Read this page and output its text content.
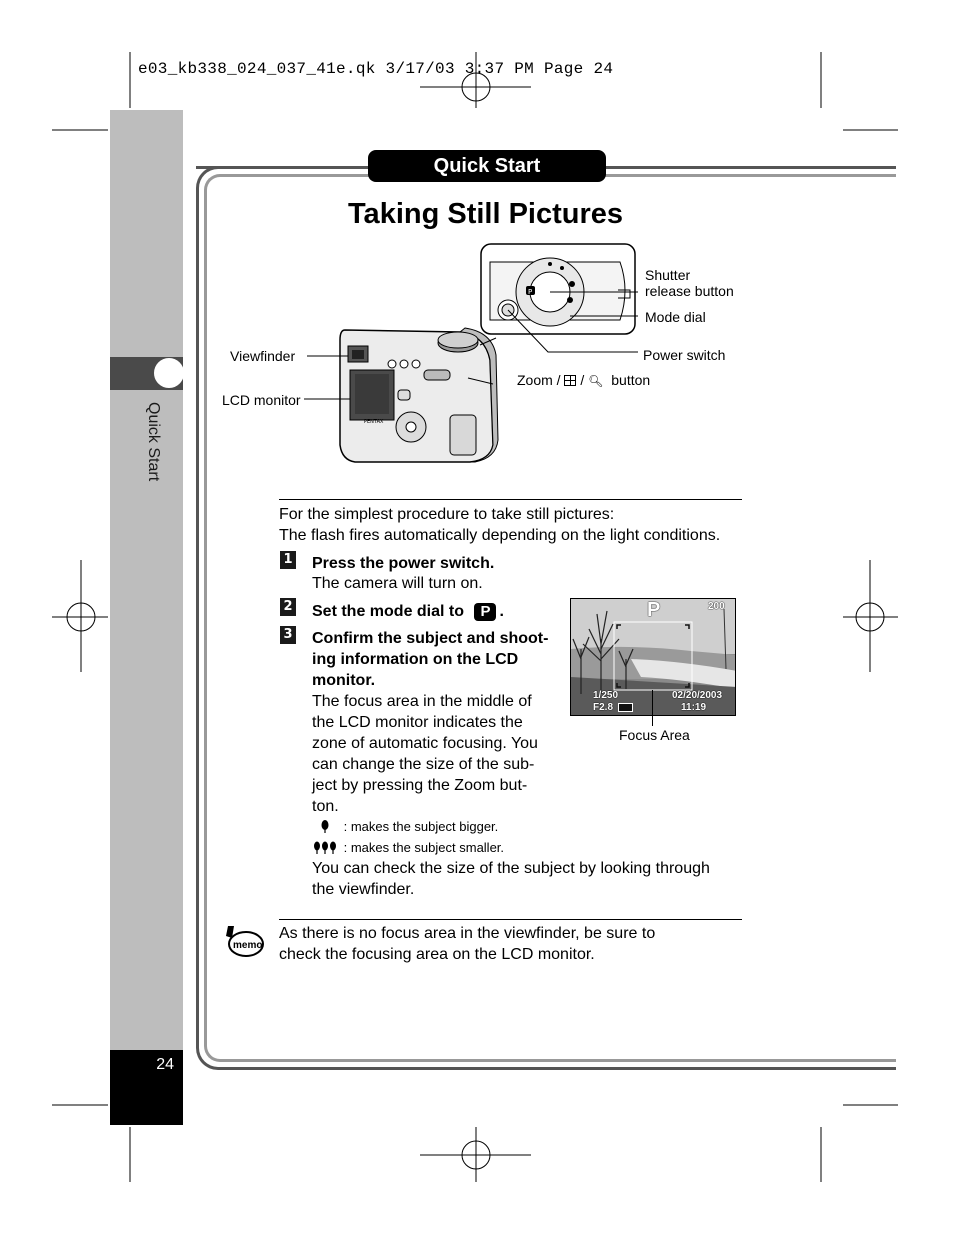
e03_kb338_024_037_41e.qk 3/17/03 3:37 PM Page 24
Quick Start
24
Quick Start
Taking Still Pictures
P
PENTAX
Shutter
release button
Mode dial
Power switch
Viewfinder
LCD monitor
Zoom / / 🔍︎ button
For the simplest procedure to take still pictures:
The flash fires automatically depending on the light conditions.
1 Press the power switch.
The camera will turn on.
2 Set the mode dial to P .
3 Confirm the subject and shoot-
ing information on the LCD
monitor.
The focus area in the middle of
the LCD monitor indicates the
zone of automatic focusing. You
can change the size of the sub-
ject by pressing the Zoom but-
ton.
: makes the subject bigger.
: makes the subject smaller.
You can check the size of the subject by looking through
the viewfinder.
P	200
1/250
F2.8
02/20/2003
11:19
Focus Area
memo
As there is no focus area in the viewfinder, be sure to
check the focusing area on the LCD monitor.
